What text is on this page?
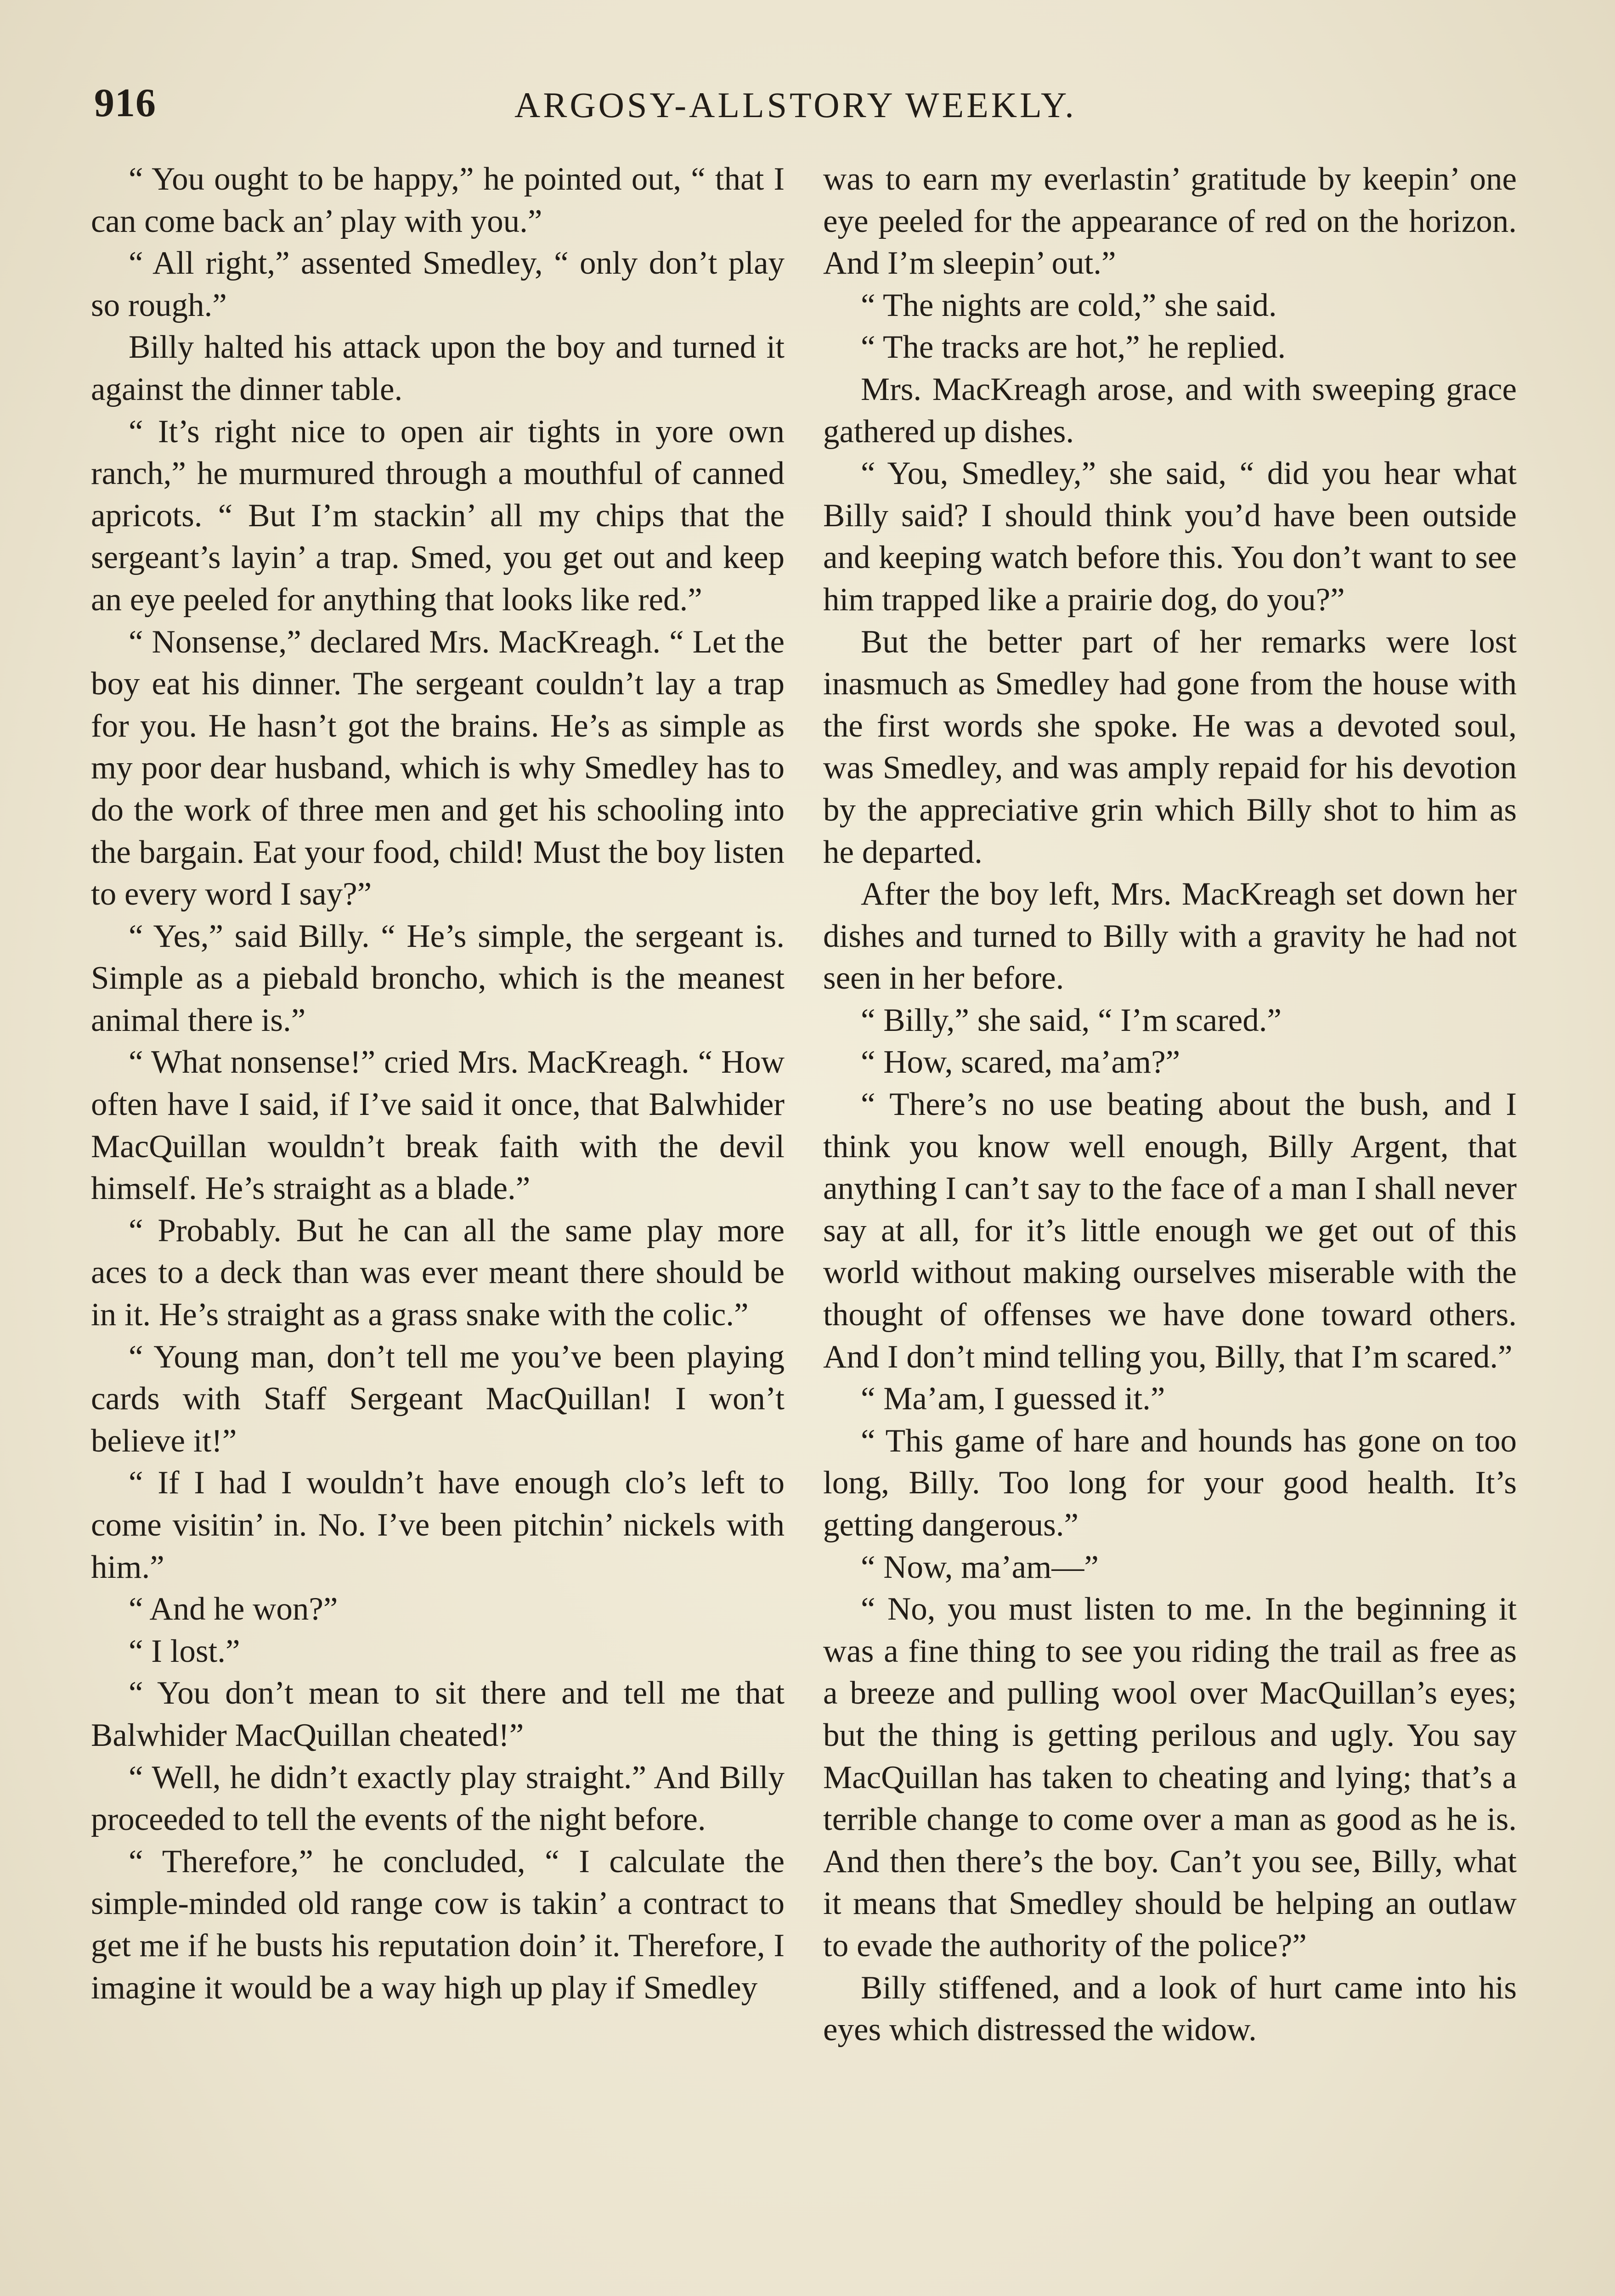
916	ARGOSY-ALLSTORY WEEKLY.

“ You ought to be happy,” he pointed out, “ that I can come back an’ play with you.”

“ All right,” assented Smedley, “ only don’t play so rough.”

Billy halted his attack upon the boy and turned it against the dinner table.

“ It’s right nice to open air tights in yore own ranch,” he murmured through a mouthful of canned apricots. “ But I’m stackin’ all my chips that the sergeant’s layin’ a trap. Smed, you get out and keep an eye peeled for anything that looks like red.”

“ Nonsense,” declared Mrs. MacKreagh. “ Let the boy eat his dinner. The sergeant couldn’t lay a trap for you. He hasn’t got the brains. He’s as simple as my poor dear husband, which is why Smedley has to do the work of three men and get his schooling into the bargain. Eat your food, child! Must the boy listen to every word I say?”

“ Yes,” said Billy. “ He’s simple, the sergeant is. Simple as a piebald broncho, which is the meanest animal there is.”

“ What nonsense!” cried Mrs. MacKreagh. “ How often have I said, if I’ve said it once, that Balwhider MacQuillan wouldn’t break faith with the devil himself. He’s straight as a blade.”

“ Probably. But he can all the same play more aces to a deck than was ever meant there should be in it. He’s straight as a grass snake with the colic.”

“ Young man, don’t tell me you’ve been playing cards with Staff Sergeant MacQuillan! I won’t believe it!”

“ If I had I wouldn’t have enough clo’s left to come visitin’ in. No. I’ve been pitchin’ nickels with him.”

“ And he won?”

“ I lost.”

“ You don’t mean to sit there and tell me that Balwhider MacQuillan cheated!”

“ Well, he didn’t exactly play straight.” And Billy proceeded to tell the events of the night before.

“ Therefore,” he concluded, “ I calculate the simple-minded old range cow is takin’ a contract to get me if he busts his reputation doin’ it. Therefore, I imagine it would be a way high up play if Smedley

was to earn my everlastin’ gratitude by keepin’ one eye peeled for the appearance of red on the horizon. And I’m sleepin’ out.”

“ The nights are cold,” she said.

“ The tracks are hot,” he replied.

Mrs. MacKreagh arose, and with sweeping grace gathered up dishes.

“ You, Smedley,” she said, “ did you hear what Billy said? I should think you’d have been outside and keeping watch before this. You don’t want to see him trapped like a prairie dog, do you?”

But the better part of her remarks were lost inasmuch as Smedley had gone from the house with the first words she spoke. He was a devoted soul, was Smedley, and was amply repaid for his devotion by the appreciative grin which Billy shot to him as he departed.

After the boy left, Mrs. MacKreagh set down her dishes and turned to Billy with a gravity he had not seen in her before.

“ Billy,” she said, “ I’m scared.”

“ How, scared, ma’am?”

“ There’s no use beating about the bush, and I think you know well enough, Billy Argent, that anything I can’t say to the face of a man I shall never say at all, for it’s little enough we get out of this world without making ourselves miserable with the thought of offenses we have done toward others. And I don’t mind telling you, Billy, that I’m scared.”

“ Ma’am, I guessed it.”

“ This game of hare and hounds has gone on too long, Billy. Too long for your good health. It’s getting dangerous.”

“ Now, ma’am—”

“ No, you must listen to me. In the beginning it was a fine thing to see you riding the trail as free as a breeze and pulling wool over MacQuillan’s eyes; but the thing is getting perilous and ugly. You say MacQuillan has taken to cheating and lying; that’s a terrible change to come over a man as good as he is. And then there’s the boy. Can’t you see, Billy, what it means that Smedley should be helping an outlaw to evade the authority of the police?”

Billy stiffened, and a look of hurt came into his eyes which distressed the widow.
